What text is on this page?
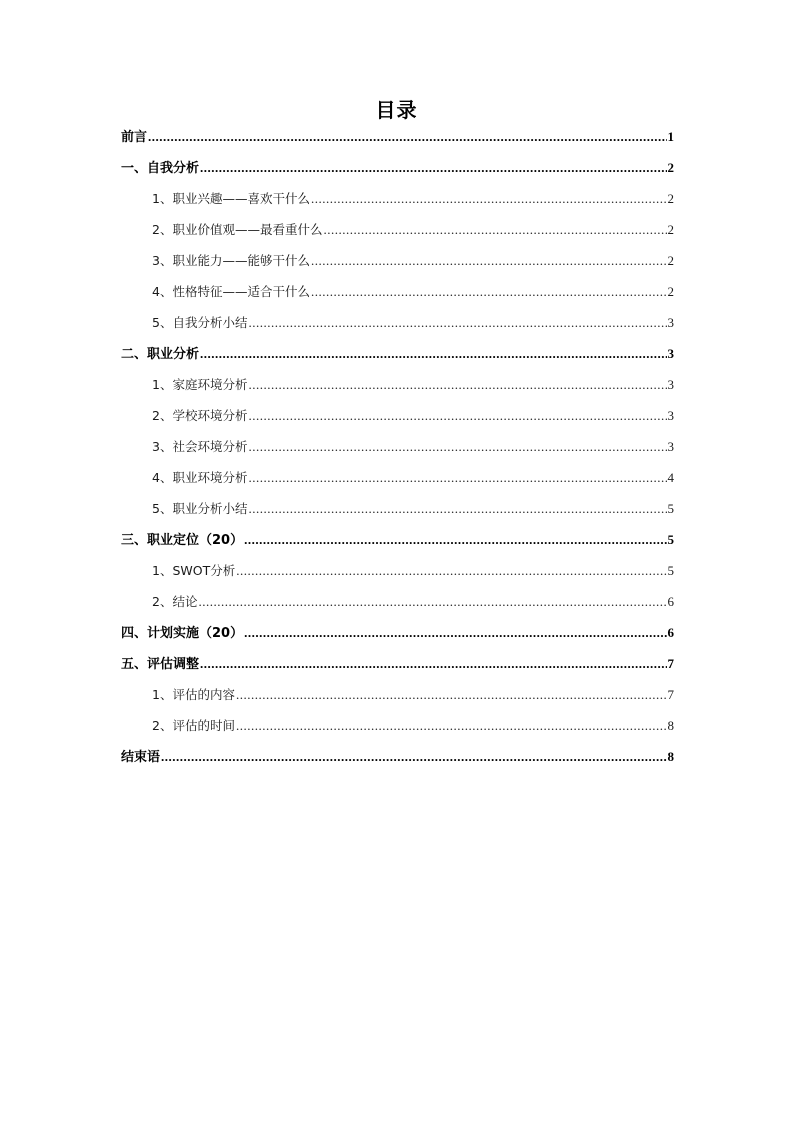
目录
前言 .....	1
一、自我分析 .....	2
1、职业兴趣——喜欢干什么 .....	2
2、职业价值观——最看重什么 .....	2
3、职业能力——能够干什么 .....	2
4、性格特征——适合干什么 .....	2
5、自我分析小结 .....	3
二、职业分析 .....	3
1、家庭环境分析 .....	3
2、学校环境分析 .....	3
3、社会环境分析 .....	3
4、职业环境分析 .....	4
5、职业分析小结 .....	5
三、职业定位（20） .....	5
1、SWOT分析 .....	5
2、结论 .....	6
四、计划实施（20） .....	6
五、评估调整 .....	7
1、评估的内容 .....	7
2、评估的时间 .....	8
结束语 .....	8
